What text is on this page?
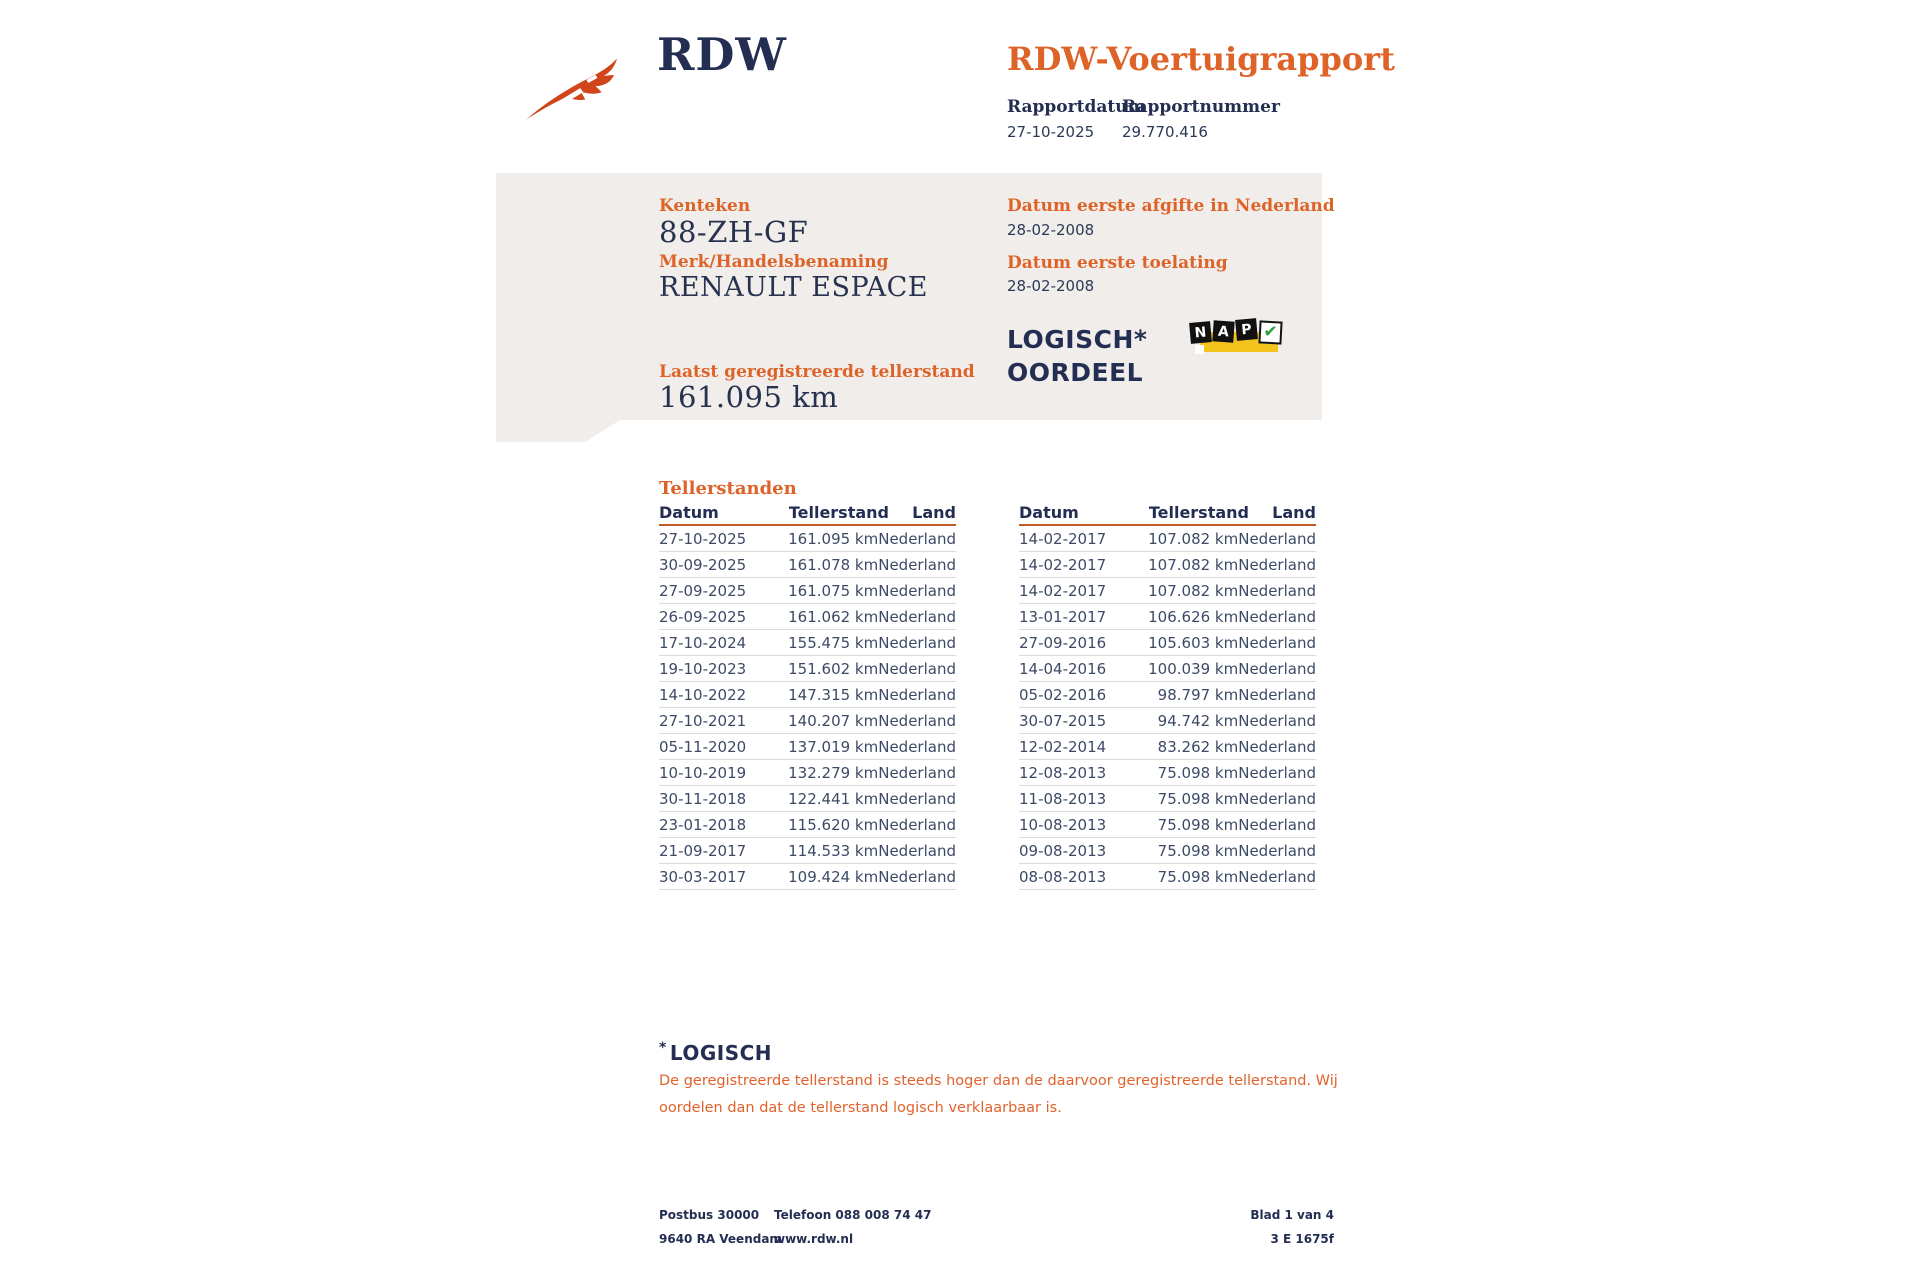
RDW	RDW-Voertuigrapport
Rapportdatum
27-10-2025
Rapportnummer
29.770.416
Kenteken
88-ZH-GF
Merk/Handelsbenaming
RENAULT ESPACE
Laatst geregistreerde tellerstand
161.095 km
Datum eerste afgifte in Nederland
28-02-2008
Datum eerste toelating
28-02-2008
LOGISCH*
OORDEEL
N A P ✔
Tellerstanden
Datum	Tellerstand	Land
27-10-2025	161.095 km Nederland
30-09-2025	161.078 km Nederland
27-09-2025	161.075 km Nederland
26-09-2025	161.062 km Nederland
17-10-2024	155.475 km Nederland
19-10-2023	151.602 km Nederland
14-10-2022	147.315 km Nederland
27-10-2021	140.207 km Nederland
05-11-2020	137.019 km Nederland
10-10-2019	132.279 km Nederland
30-11-2018	122.441 km Nederland
23-01-2018	115.620 km Nederland
21-09-2017	114.533 km Nederland
30-03-2017	109.424 km Nederland
Datum	Tellerstand	Land
14-02-2017	107.082 km Nederland
14-02-2017	107.082 km Nederland
14-02-2017	107.082 km Nederland
13-01-2017	106.626 km Nederland
27-09-2016	105.603 km Nederland
14-04-2016	100.039 km Nederland
05-02-2016	98.797 km Nederland
30-07-2015	94.742 km Nederland
12-02-2014	83.262 km Nederland
12-08-2013	75.098 km Nederland
11-08-2013	75.098 km Nederland
10-08-2013	75.098 km Nederland
09-08-2013	75.098 km Nederland
08-08-2013	75.098 km Nederland
* LOGISCH
De geregistreerde tellerstand is steeds hoger dan de daarvoor geregistreerde tellerstand. Wij oordelen dan dat de tellerstand logisch verklaarbaar is.
Postbus 30000
9640 RA Veendam
Telefoon 088 008 74 47
www.rdw.nl
Blad 1 van 4
3 E 1675f
